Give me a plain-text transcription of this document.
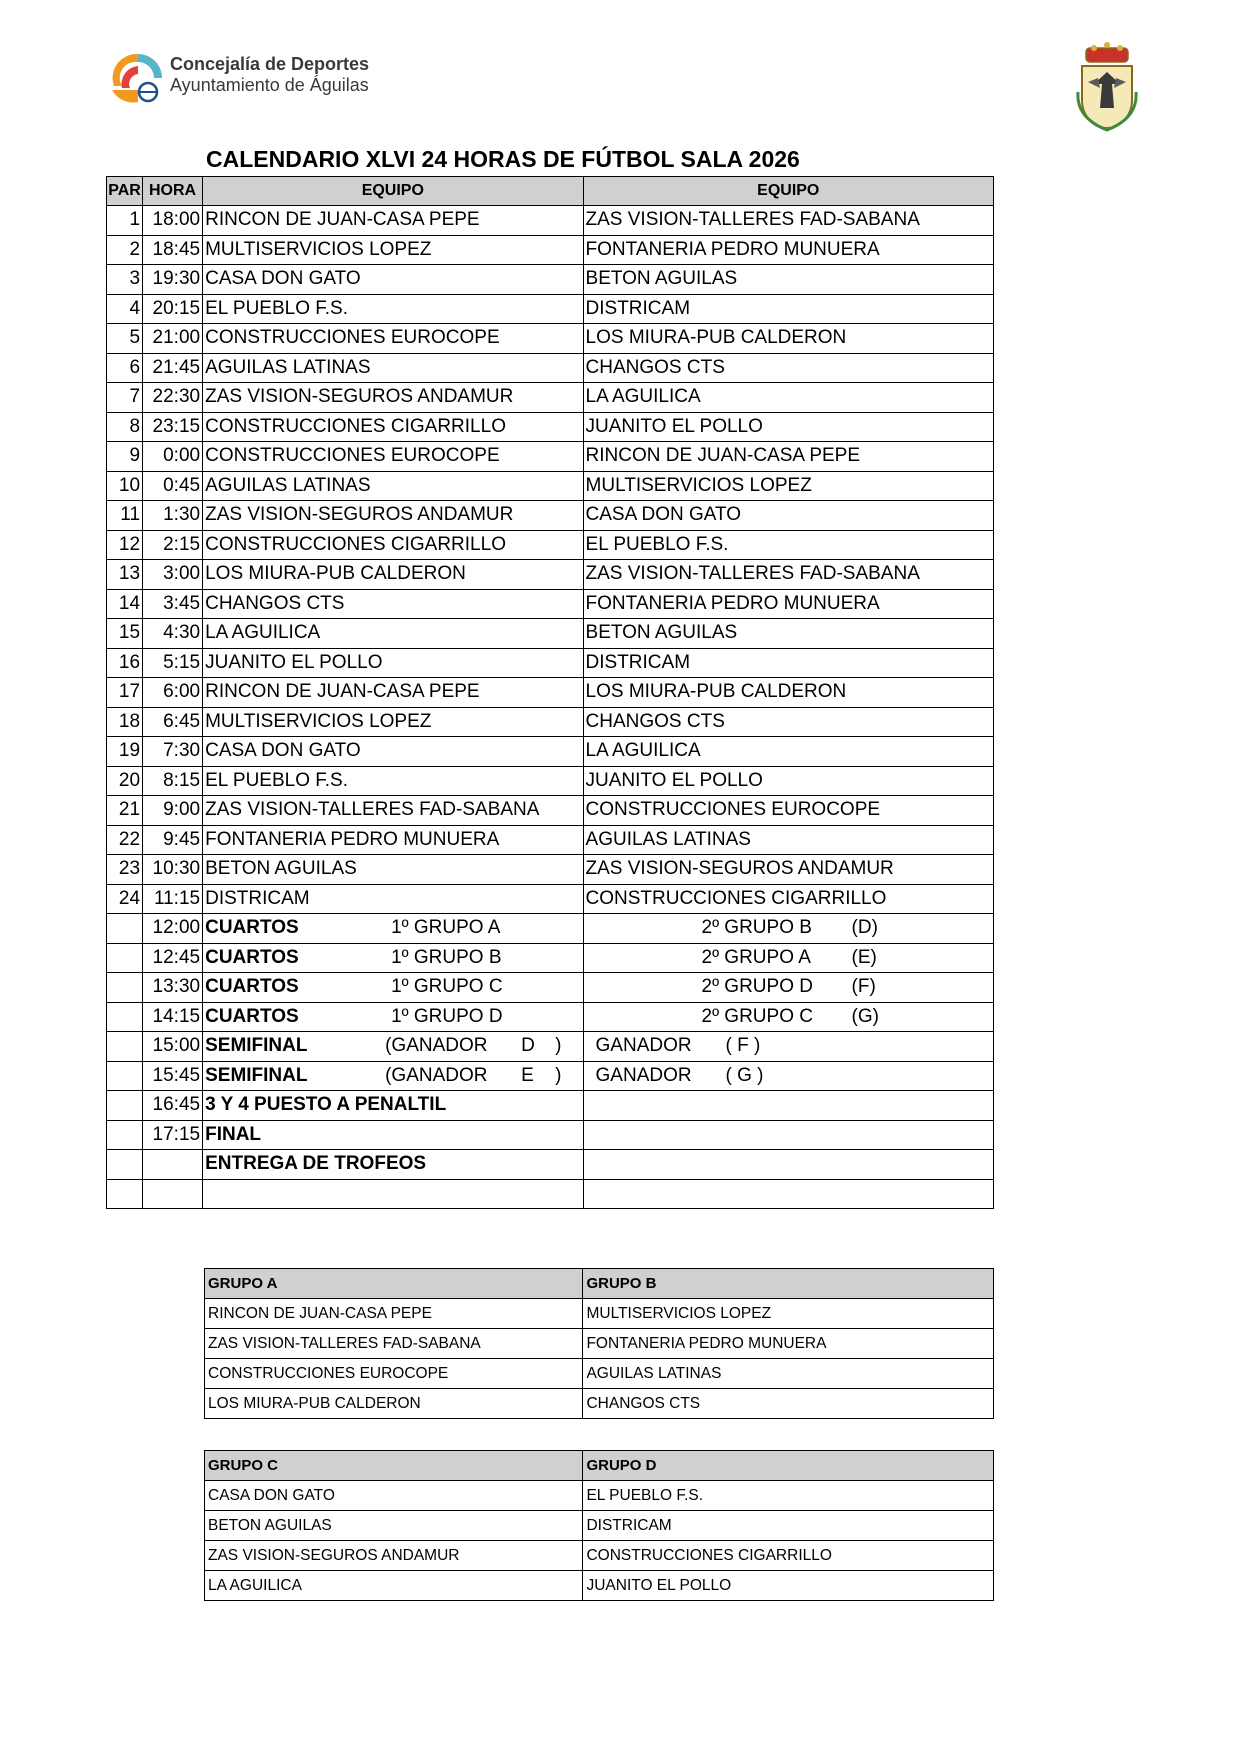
Concejalía de Deportes
Ayuntamiento de Águilas
CALENDARIO XLVI 24 HORAS DE FÚTBOL SALA 2026
PAR	HORA	EQUIPO	EQUIPO
1	18:00	RINCON DE JUAN-CASA PEPE	ZAS VISION-TALLERES FAD-SABANA
2	18:45	MULTISERVICIOS LOPEZ	FONTANERIA PEDRO MUNUERA
3	19:30	CASA DON GATO	BETON AGUILAS
4	20:15	EL PUEBLO F.S.	DISTRICAM
5	21:00	CONSTRUCCIONES EUROCOPE	LOS MIURA-PUB CALDERON
6	21:45	AGUILAS LATINAS	CHANGOS CTS
7	22:30	ZAS VISION-SEGUROS ANDAMUR	LA AGUILICA
8	23:15	CONSTRUCCIONES CIGARRILLO	JUANITO EL POLLO
9	0:00	CONSTRUCCIONES EUROCOPE	RINCON DE JUAN-CASA PEPE
10	0:45	AGUILAS LATINAS	MULTISERVICIOS LOPEZ
11	1:30	ZAS VISION-SEGUROS ANDAMUR	CASA DON GATO
12	2:15	CONSTRUCCIONES CIGARRILLO	EL PUEBLO F.S.
13	3:00	LOS MIURA-PUB CALDERON	ZAS VISION-TALLERES FAD-SABANA
14	3:45	CHANGOS CTS	FONTANERIA PEDRO MUNUERA
15	4:30	LA AGUILICA	BETON AGUILAS
16	5:15	JUANITO EL POLLO	DISTRICAM
17	6:00	RINCON DE JUAN-CASA PEPE	LOS MIURA-PUB CALDERON
18	6:45	MULTISERVICIOS LOPEZ	CHANGOS CTS
19	7:30	CASA DON GATO	LA AGUILICA
20	8:15	EL PUEBLO F.S.	JUANITO EL POLLO
21	9:00	ZAS VISION-TALLERES FAD-SABANA	CONSTRUCCIONES EUROCOPE
22	9:45	FONTANERIA PEDRO MUNUERA	AGUILAS LATINAS
23	10:30	BETON AGUILAS	ZAS VISION-SEGUROS ANDAMUR
24	11:15	DISTRICAM	CONSTRUCCIONES CIGARRILLO
	12:00	CUARTOS 1º GRUPO A	2º GRUPO B (D)

	12:45	CUARTOS 1º GRUPO B	2º GRUPO A (E)

	13:30	CUARTOS 1º GRUPO C	2º GRUPO D (F)

	14:15	CUARTOS 1º GRUPO D	2º GRUPO C (G)

	15:00	SEMIFINAL (GANADOR D )	GANADOR ( F )

	15:45	SEMIFINAL (GANADOR E )	GANADOR ( G )

	16:45	3 Y 4 PUESTO A PENALTIL	
	17:15	FINAL	
		ENTREGA DE TROFEOS	

GRUPO A	GRUPO B
RINCON DE JUAN-CASA PEPE	MULTISERVICIOS LOPEZ
ZAS VISION-TALLERES FAD-SABANA	FONTANERIA PEDRO MUNUERA
CONSTRUCCIONES EUROCOPE	AGUILAS LATINAS
LOS MIURA-PUB CALDERON	CHANGOS CTS
GRUPO C	GRUPO D
CASA DON GATO	EL PUEBLO F.S.
BETON AGUILAS	DISTRICAM
ZAS VISION-SEGUROS ANDAMUR	CONSTRUCCIONES CIGARRILLO
LA AGUILICA	JUANITO EL POLLO
